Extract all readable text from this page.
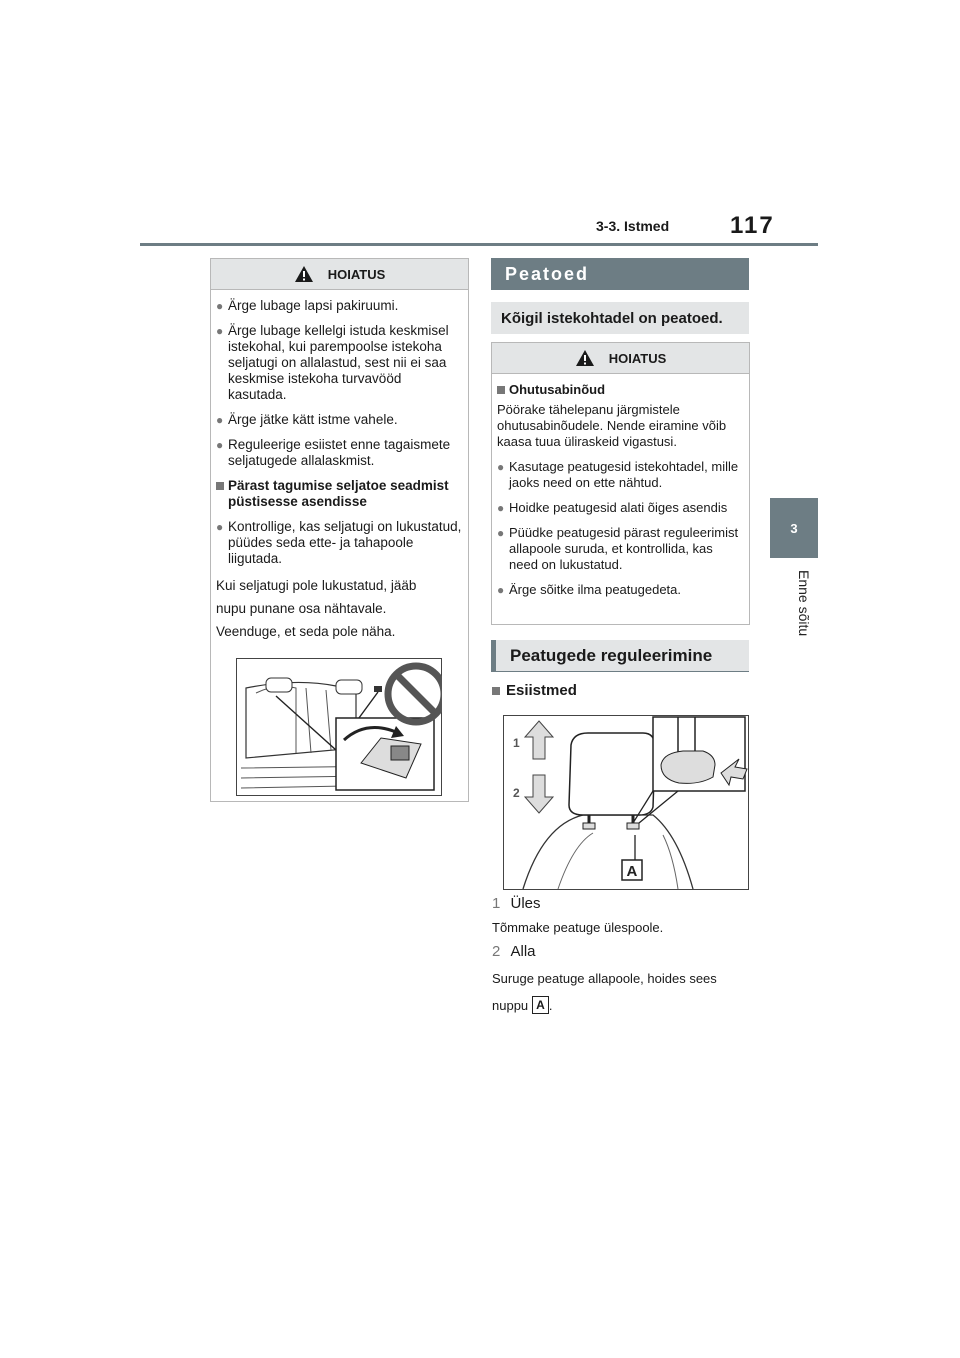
3-3. Istmed	117
3
Enne sõitu
HOIATUS
● Ärge lubage lapsi pakiruumi.
● Ärge lubage kellelgi istuda keskmisel istekohal, kui parempoolse istekoha seljatugi on allalastud, sest nii ei saa keskmise istekoha turvavööd kasutada.
● Ärge jätke kätt istme vahele.
● Reguleerige esiistet enne tagaismete seljatugede allalaskmist.
Pärast tagumise seljatoe seadmist püstisesse asendisse
● Kontrollige, kas seljatugi on lukustatud, püüdes seda ette- ja tahapoole liigutada.
Kui seljatugi pole lukustatud, jääb
nupu punane osa nähtavale.
Veenduge, et seda pole näha.
Peatoed
Kõigil istekohtadel on peatoed.
HOIATUS
Ohutusabinõud
Pöörake tähelepanu järgmistele ohutusabinõudele. Nende eiramine võib kaasa tuua üliraskeid vigastusi.
● Kasutage peatugesid istekohtadel, mille jaoks need on ette nähtud.
● Hoidke peatugesid alati õiges asendis
● Püüdke peatugesid pärast reguleerimist allapoole suruda, et kontrollida, kas need on lukustatud.
● Ärge sõitke ilma peatugedeta.
Peatugede reguleerimine
Esiistmed
1
2
A
1 Üles
Tõmmake peatuge ülespoole.
2 Alla
Suruge peatuge allapoole, hoides sees
nuppu A .
